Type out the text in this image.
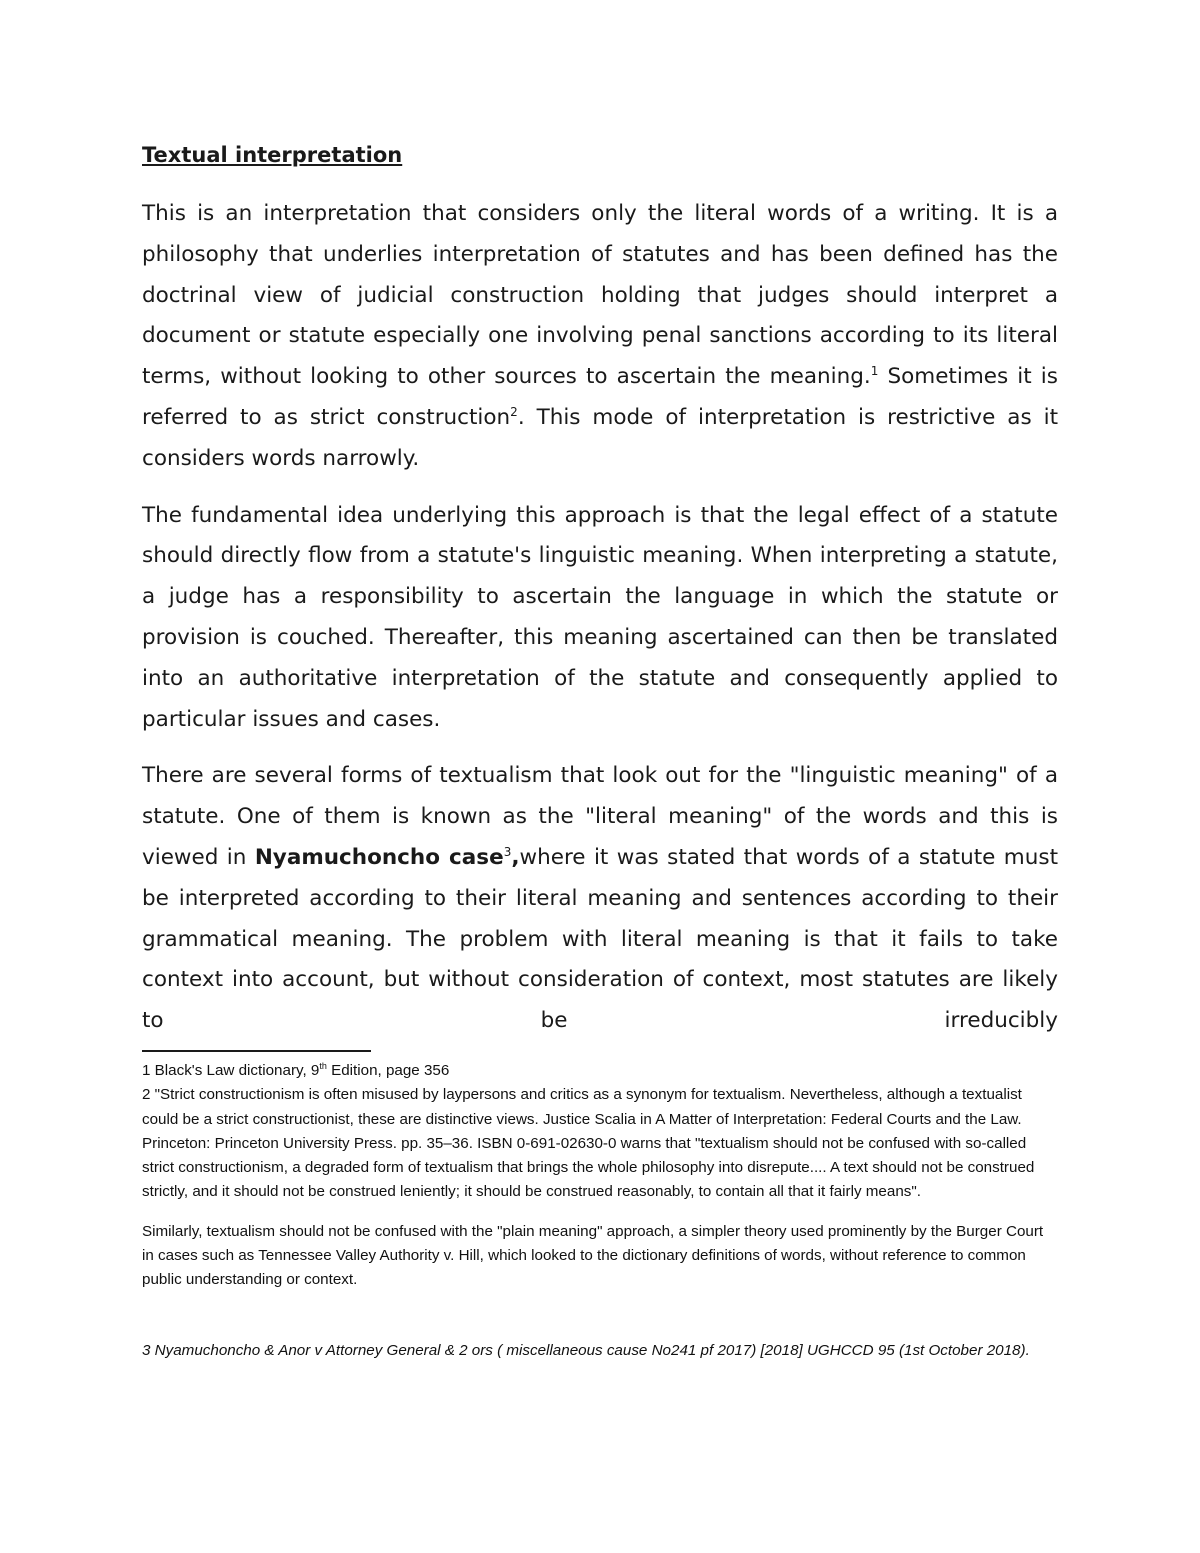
Textual interpretation

This is an interpretation that considers only the literal words of a writing. It is a philosophy that underlies interpretation of statutes and has been defined has the doctrinal view of judicial construction holding that judges should interpret a document or statute especially one involving penal sanctions according to its literal terms, without looking to other sources to ascertain the meaning.$^1$ Sometimes it is referred to as strict construction$^2$. This mode of interpretation is restrictive as it considers words narrowly.

The fundamental idea underlying this approach is that the legal effect of a statute should directly flow from a statute's linguistic meaning. When interpreting a statute, a judge has a responsibility to ascertain the language in which the statute or provision is couched. Thereafter, this meaning ascertained can then be translated into an authoritative interpretation of the statute and consequently applied to particular issues and cases.

There are several forms of textualism that look out for the "linguistic meaning" of a statute. One of them is known as the "literal meaning" of the words and this is viewed in Nyamuchoncho case$^3$,where it was stated that words of a statute must be interpreted according to their literal meaning and sentences according to their grammatical meaning. The problem with literal meaning is that it fails to take context into account, but without consideration of context, most statutes are likely to be irreducibly

1 Black's Law dictionary, 9th Edition, page 356

2 "Strict constructionism is often misused by laypersons and critics as a synonym for textualism. Nevertheless, although a textualist could be a strict constructionist, these are distinctive views. Justice Scalia in A Matter of Interpretation: Federal Courts and the Law. Princeton: Princeton University Press. pp. 35–36. ISBN 0-691-02630-0 warns that "textualism should not be confused with so-called strict constructionism, a degraded form of textualism that brings the whole philosophy into disrepute.... A text should not be construed strictly, and it should not be construed leniently; it should be construed reasonably, to contain all that it fairly means".

Similarly, textualism should not be confused with the "plain meaning" approach, a simpler theory used prominently by the Burger Court in cases such as Tennessee Valley Authority v. Hill, which looked to the dictionary definitions of words, without reference to common public understanding or context.

3 Nyamuchoncho & Anor v Attorney General & 2 ors ( miscellaneous cause No241 pf 2017) [2018] UGHCCD 95 (1st October 2018).
